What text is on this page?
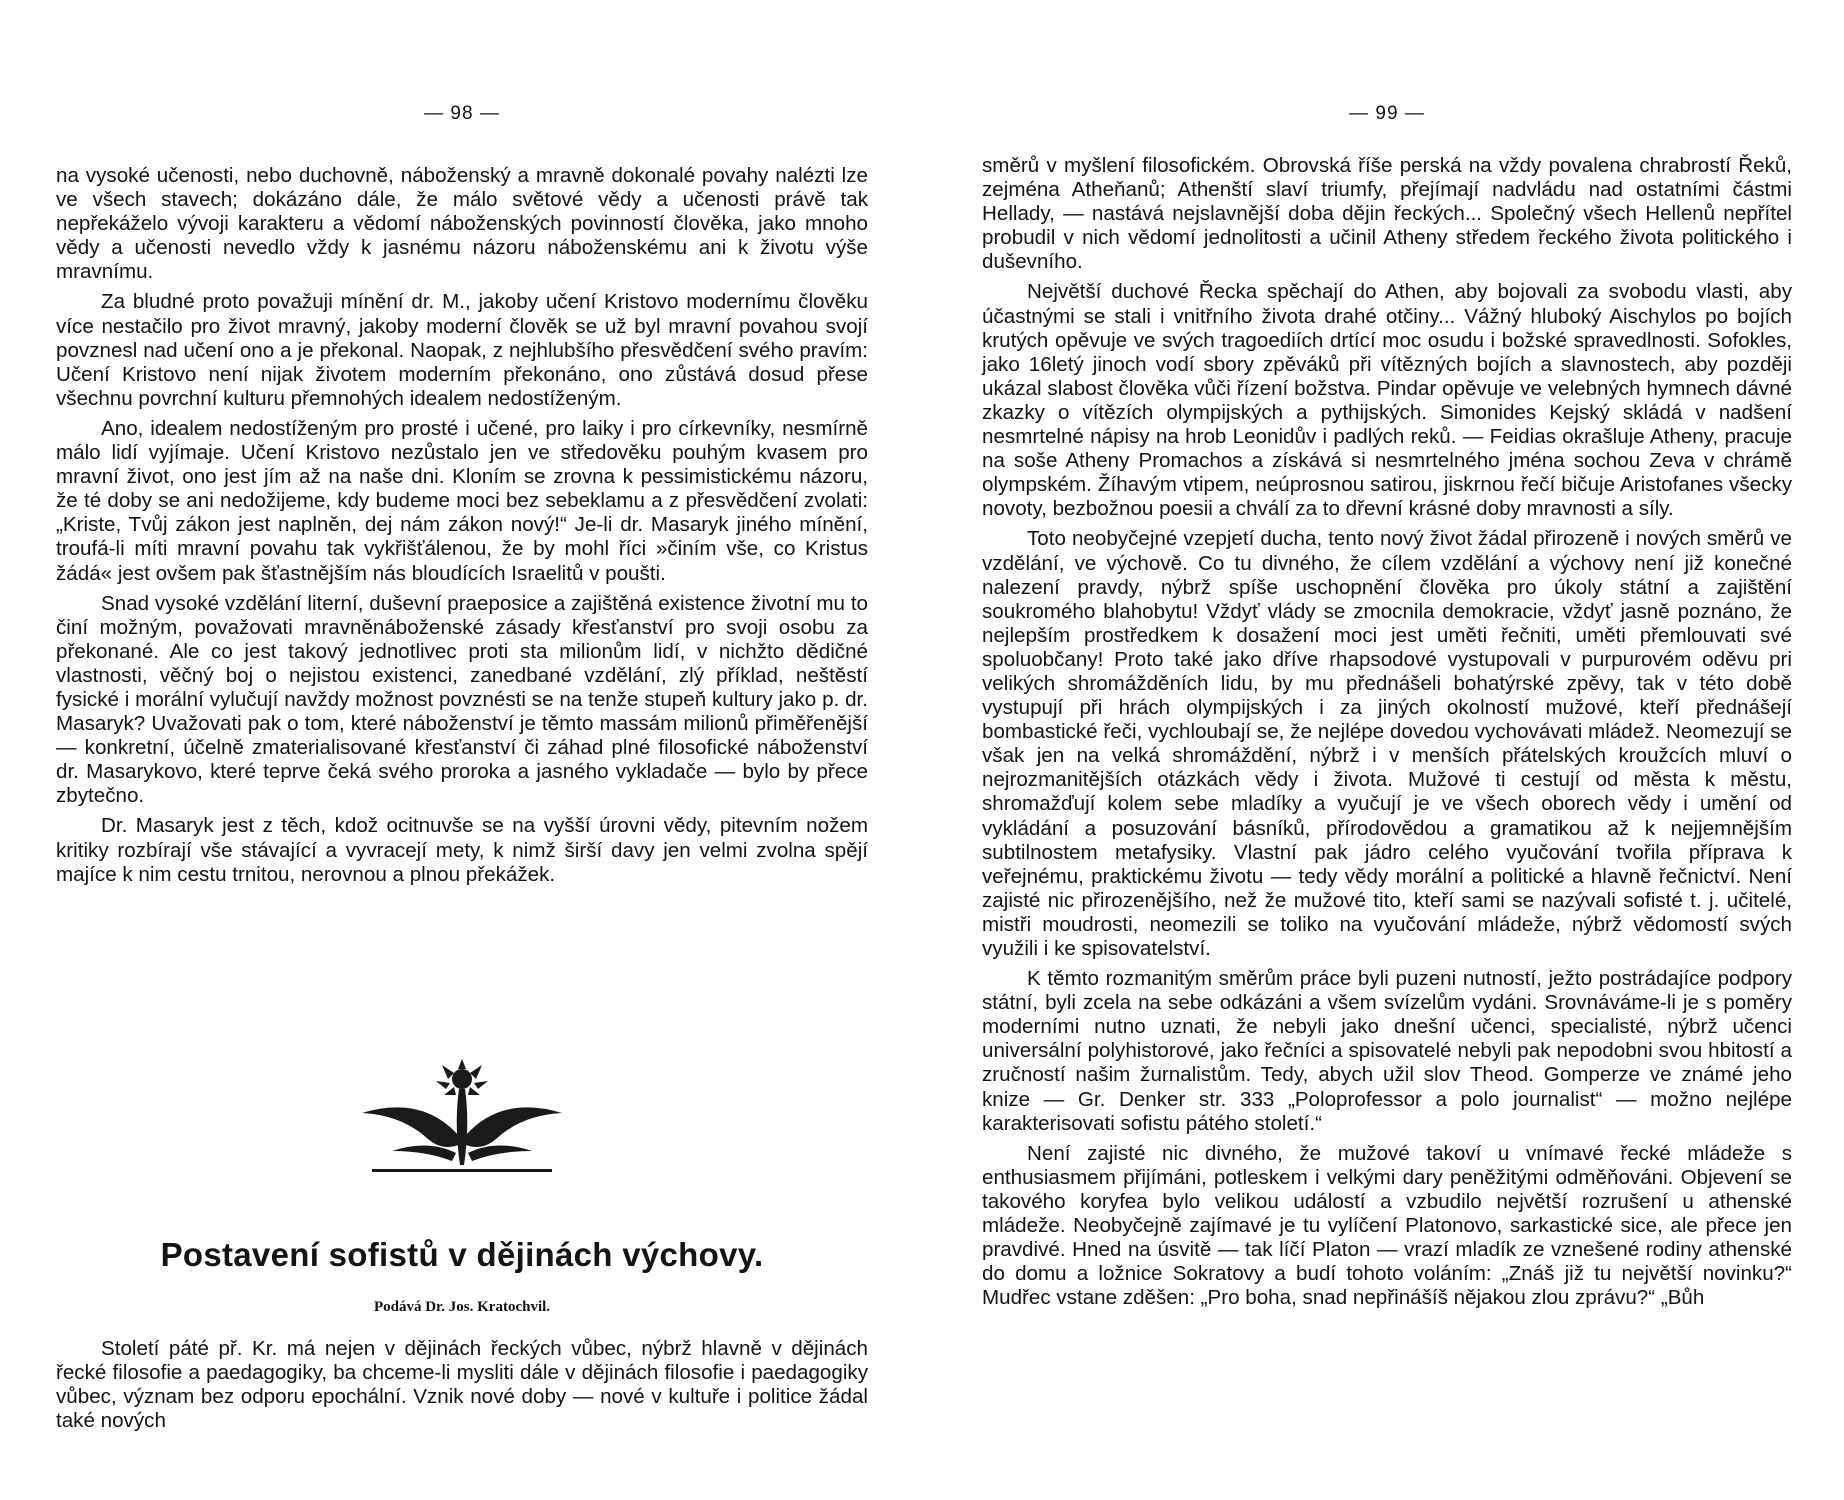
— 98 —

na vysoké učenosti, nebo duchovně, náboženský a mravně dokonalé povahy nalézti lze ve všech stavech; dokázáno dále, že málo světové vědy a učenosti právě tak nepřekáželo vývoji karakteru a vědomí náboženských povinností člověka, jako mnoho vědy a učenosti nevedlo vždy k jasnému názoru náboženskému ani k životu výše mravnímu.

Za bludné proto považuji mínění dr. M., jakoby učení Kristovo modernímu člověku více nestačilo pro život mravný, jakoby moderní člověk se už byl mravní povahou svojí povznesl nad učení ono a je překonal. Naopak, z nejhlubšího přesvědčení svého pravím: Učení Kristovo není nijak životem moderním překonáno, ono zůstává dosud přese všechnu povrchní kulturu přemnohých idealem nedostíženým.

Ano, idealem nedostíženým pro prosté i učené, pro laiky i pro církevníky, nesmírně málo lidí vyjímaje. Učení Kristovo nezůstalo jen ve středověku pouhým kvasem pro mravní život, ono jest jím až na naše dni. Kloním se zrovna k pessimistickému názoru, že té doby se ani nedožijeme, kdy budeme moci bez sebeklamu a z přesvědčení zvolati: „Kriste, Tvůj zákon jest naplněn, dej nám zákon nový!“ Je-li dr. Masaryk jiného mínění, troufá-li míti mravní povahu tak vykřišťálenou, že by mohl říci »činím vše, co Kristus žádá« jest ovšem pak šťastnějším nás bloudících Israelitů v poušti.

Snad vysoké vzdělání literní, duševní praeposice a zajištěná existence životní mu to činí možným, považovati mravněnáboženské zásady křesťanství pro svoji osobu za překonané. Ale co jest takový jednotlivec proti sta milionům lidí, v nichžto dědičné vlastnosti, věčný boj o nejistou existenci, zanedbané vzdělání, zlý příklad, neštěstí fysické i morální vylučují navždy možnost povznésti se na tenže stupeň kultury jako p. dr. Masaryk? Uvažovati pak o tom, které náboženství je těmto massám milionů přiměřenější — konkretní, účelně zmaterialisované křesťanství či záhad plné filosofické náboženství dr. Masarykovo, které teprve čeká svého proroka a jasného vykladače — bylo by přece zbytečno.

Dr. Masaryk jest z těch, kdož ocitnuvše se na vyšší úrovni vědy, pitevním nožem kritiky rozbírají vše stávající a vyvracejí mety, k nimž širší davy jen velmi zvolna spějí majíce k nim cestu trnitou, nerovnou a plnou překážek.

Postavení sofistů v dějinách výchovy.
Podává Dr. Jos. Kratochvil.

Století páté př. Kr. má nejen v dějinách řeckých vůbec, nýbrž hlavně v dějinách řecké filosofie a paedagogiky, ba chceme-li mysliti dále v dějinách filosofie i paedagogiky vůbec, význam bez odporu epochální. Vznik nové doby — nové v kultuře i politice žádal také nových

— 99 —

směrů v myšlení filosofickém. Obrovská říše perská na vždy povalena chrabrostí Řeků, zejména Atheňanů; Athenští slaví triumfy, přejímají nadvládu nad ostatními částmi Hellady, — nastává nejslavnější doba dějin řeckých... Společný všech Hellenů nepřítel probudil v nich vědomí jednolitosti a učinil Atheny středem řeckého života politického i duševního.

Největší duchové Řecka spěchají do Athen, aby bojovali za svobodu vlasti, aby účastnými se stali i vnitřního života drahé otčiny... Vážný hluboký Aischylos po bojích krutých opěvuje ve svých tragoediích drtící moc osudu i božské spravedlnosti. Sofokles, jako 16letý jinoch vodí sbory zpěváků při vítězných bojích a slavnostech, aby později ukázal slabost člověka vůči řízení božstva. Pindar opěvuje ve velebných hymnech dávné zkazky o vítězích olympijských a pythijských. Simonides Kejský skládá v nadšení nesmrtelné nápisy na hrob Leonidův i padlých reků. — Feidias okrašluje Atheny, pracuje na soše Atheny Promachos a získává si nesmrtelného jména sochou Zeva v chrámě olympském. Žíhavým vtipem, neúprosnou satirou, jiskrnou řečí bičuje Aristofanes všecky novoty, bezbožnou poesii a chválí za to dřevní krásné doby mravnosti a síly.

Toto neobyčejné vzepjetí ducha, tento nový život žádal přirozeně i nových směrů ve vzdělání, ve výchově. Co tu divného, že cílem vzdělání a výchovy není již konečné nalezení pravdy, nýbrž spíše uschopnění člověka pro úkoly státní a zajištění soukromého blahobytu! Vždyť vlády se zmocnila demokracie, vždyť jasně poznáno, že nejlepším prostředkem k dosažení moci jest uměti řečniti, uměti přemlouvati své spoluobčany! Proto také jako dříve rhapsodové vystupovali v purpurovém oděvu pri velikých shromážděních lidu, by mu přednášeli bohatýrské zpěvy, tak v této době vystupují při hrách olympijských i za jiných okolností mužové, kteří přednášejí bombastické řeči, vychloubají se, že nejlépe dovedou vychovávati mládež. Neomezují se však jen na velká shromáždění, nýbrž i v menších přátelských kroužcích mluví o nejrozmanitějších otázkách vědy i života. Mužové ti cestují od města k městu, shromažďují kolem sebe mladíky a vyučují je ve všech oborech vědy i umění od vykládání a posuzování básníků, přírodovědou a gramatikou až k nejjemnějším subtilnostem metafysiky. Vlastní pak jádro celého vyučování tvořila příprava k veřejnému, praktickému životu — tedy vědy morální a politické a hlavně řečnictví. Není zajisté nic přirozenějšího, než že mužové tito, kteří sami se nazývali sofisté t. j. učitelé, mistři moudrosti, neomezili se toliko na vyučování mládeže, nýbrž vědomostí svých využili i ke spisovatelství.

K těmto rozmanitým směrům práce byli puzeni nutností, ježto postrádajíce podpory státní, byli zcela na sebe odkázáni a všem svízelům vydáni. Srovnáváme-li je s poměry moderními nutno uznati, že nebyli jako dnešní učenci, specialisté, nýbrž učenci universální polyhistorové, jako řečníci a spisovatelé nebyli pak nepodobni svou hbitostí a zručností našim žurnalistům. Tedy, abych užil slov Theod. Gomperze ve známé jeho knize — Gr. Denker str. 333 „Poloprofessor a polo journalist“ — možno nejlépe karakterisovati sofistu pátého století.“

Není zajisté nic divného, že mužové takoví u vnímavé řecké mládeže s enthusiasmem přijímáni, potleskem i velkými dary peněžitými odměňováni. Objevení se takového koryfea bylo velikou událostí a vzbudilo největší rozrušení u athenské mládeže. Neobyčejně zajímavé je tu vylíčení Platonovo, sarkastické sice, ale přece jen pravdivé. Hned na úsvitě — tak líčí Platon — vrazí mladík ze vznešené rodiny athenské do domu a ložnice Sokratovy a budí tohoto voláním: „Znáš již tu největší novinku?“ Mudřec vstane zděšen: „Pro boha, snad nepřinášíš nějakou zlou zprávu?“ „Bůh
